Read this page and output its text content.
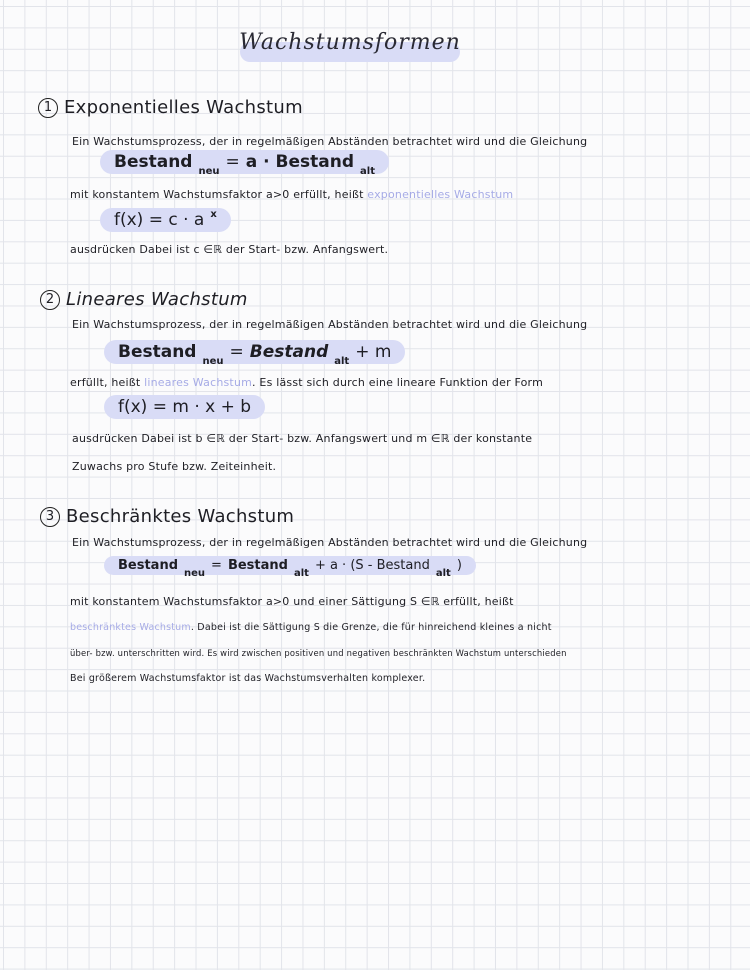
Wachstumsformen
1 Exponentielles Wachstum
Ein Wachstumsprozess, der in regelmäßigen Abständen betrachtet wird und die Gleichung
Bestand neu = a · Bestand alt
mit konstantem Wachstumsfaktor a>0 erfüllt, heißt exponentielles Wachstum
f(x) = c · a x
ausdrücken Dabei ist c ∈ℝ der Start- bzw. Anfangswert.
2 Lineares Wachstum
Ein Wachstumsprozess, der in regelmäßigen Abständen betrachtet wird und die Gleichung
Bestand neu = Bestand alt + m
erfüllt, heißt lineares Wachstum. Es lässt sich durch eine lineare Funktion der Form
f(x) = m · x + b
ausdrücken Dabei ist b ∈ℝ der Start- bzw. Anfangswert und m ∈ℝ der konstante
Zuwachs pro Stufe bzw. Zeiteinheit.
3 Beschränktes Wachstum
Ein Wachstumsprozess, der in regelmäßigen Abständen betrachtet wird und die Gleichung
Bestand
neu
= Bestand
alt
+ a · (S - Bestand
alt
)
mit konstantem Wachstumsfaktor a>0 und einer Sättigung S ∈ℝ erfüllt, heißt
beschränktes Wachstum. Dabei ist die Sättigung S die Grenze, die für hinreichend kleines a nicht
über- bzw. unterschritten wird. Es wird zwischen positiven und negativen beschränkten Wachstum unterschieden
Bei größerem Wachstumsfaktor ist das Wachstumsverhalten komplexer.
